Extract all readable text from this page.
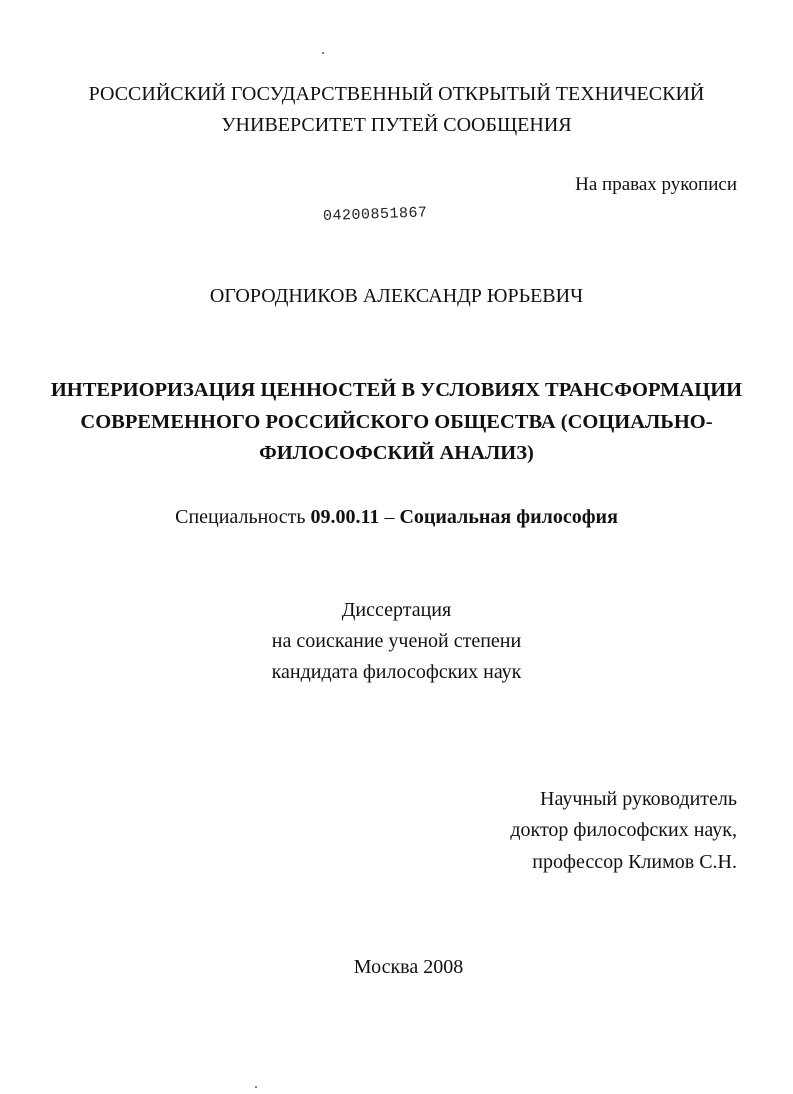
РОССИЙСКИЙ ГОСУДАРСТВЕННЫЙ ОТКРЫТЫЙ ТЕХНИЧЕСКИЙ
УНИВЕРСИТЕТ ПУТЕЙ СООБЩЕНИЯ
На правах рукописи
04200851867
ОГОРОДНИКОВ АЛЕКСАНДР ЮРЬЕВИЧ
ИНТЕРИОРИЗАЦИЯ ЦЕННОСТЕЙ В УСЛОВИЯХ ТРАНСФОРМАЦИИ
СОВРЕМЕННОГО РОССИЙСКОГО ОБЩЕСТВА (СОЦИАЛЬНО-
ФИЛОСОФСКИЙ АНАЛИЗ)
Специальность 09.00.11 – Социальная философия
Диссертация
на соискание ученой степени
кандидата философских наук
Научный руководитель
доктор философских наук,
профессор Климов С.Н.
Москва 2008
